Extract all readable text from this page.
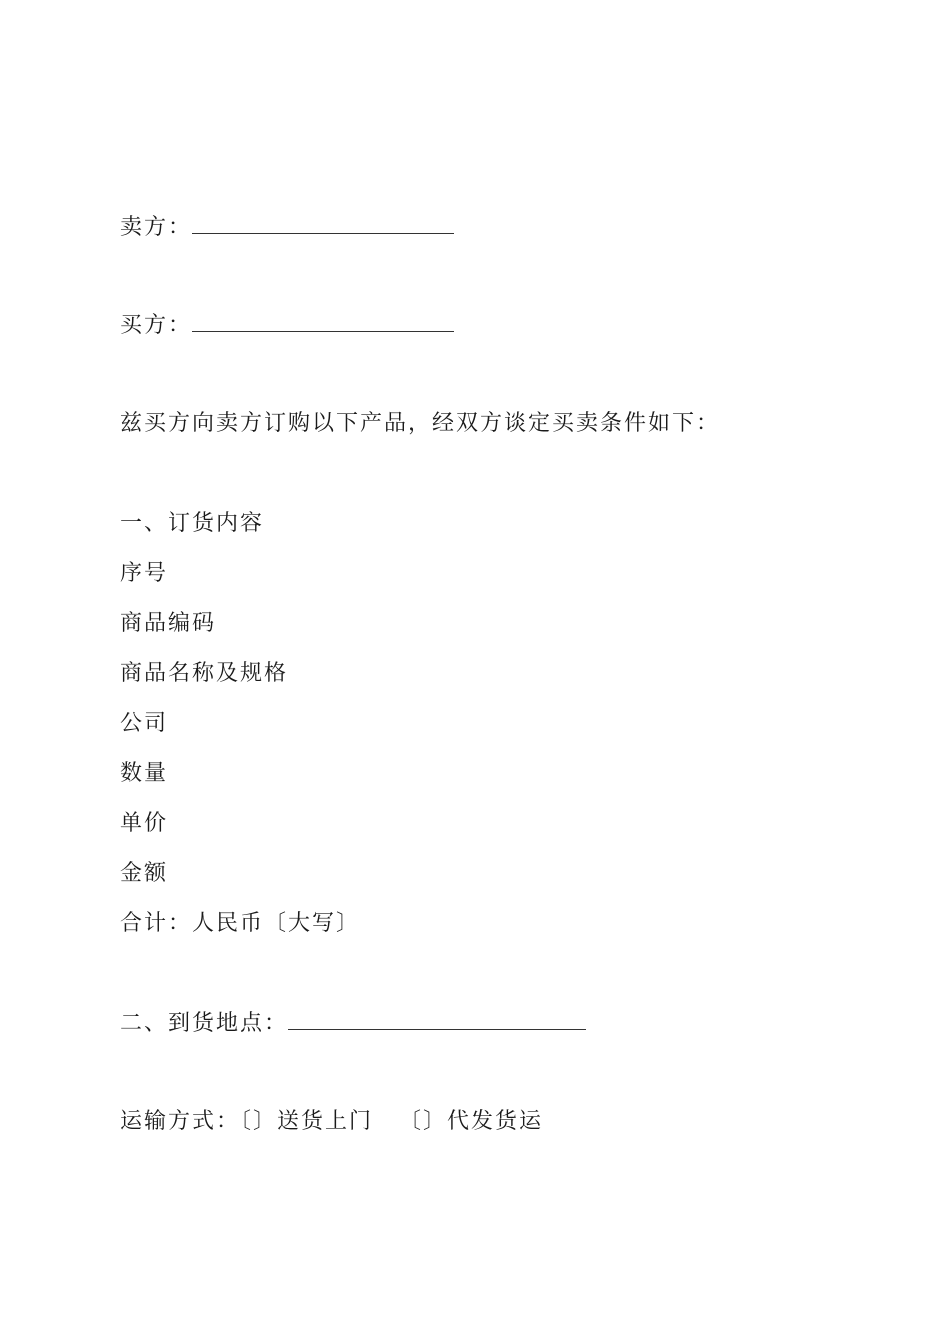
卖方：
买方：
兹买方向卖方订购以下产品，经双方谈定买卖条件如下：
一、订货内容
序号
商品编码
商品名称及规格
公司
数量
单价
金额
合计：人民币〔大写〕
二、到货地点：
运输方式：〔〕送货上门 〔〕代发货运
